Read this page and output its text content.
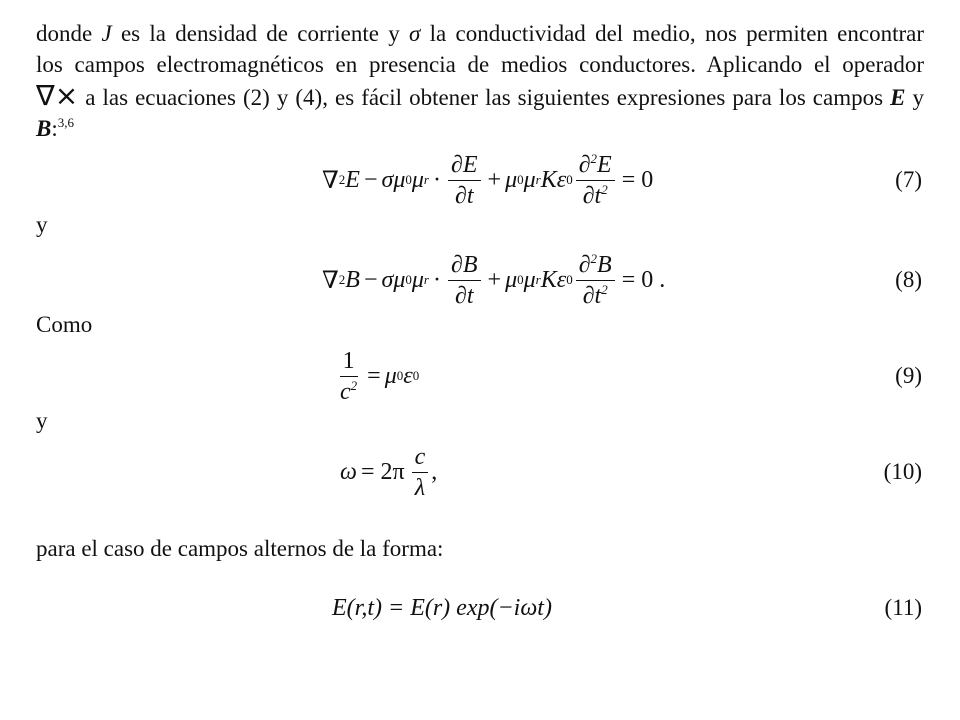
donde J es la densidad de corriente y σ la conductividad del medio, nos permiten encontrar
los campos electromagnéticos en presencia de medios conductores. Aplicando el operador
∇× a las ecuaciones (2) y (4), es fácil obtener las siguientes expresiones para los campos E y
B:$^{3,6}$
∇ 2 E − σμ 0 μ $r \cdot \frac{\partial E}{\partial t} + \mu$ 0 μ r Kε $0 \frac{\partial^2E}{\partial t^2} = 0$	(7)
y
∇ 2 B − σμ 0 μ $r \cdot \frac{\partial B}{\partial t} + \mu$ 0 μ r Kε $0 \frac{\partial^2B}{\partial t^2} = 0$ .	(8)
Como
$\frac{1}{c^2} = \mu$ 0 ε 0	(9)
y
$\omega = 2\pi \frac{c}{\lambda}$ ,	(10)
para el caso de campos alternos de la forma:
E(r,t) = E(r) exp(−iωt)	(11)
